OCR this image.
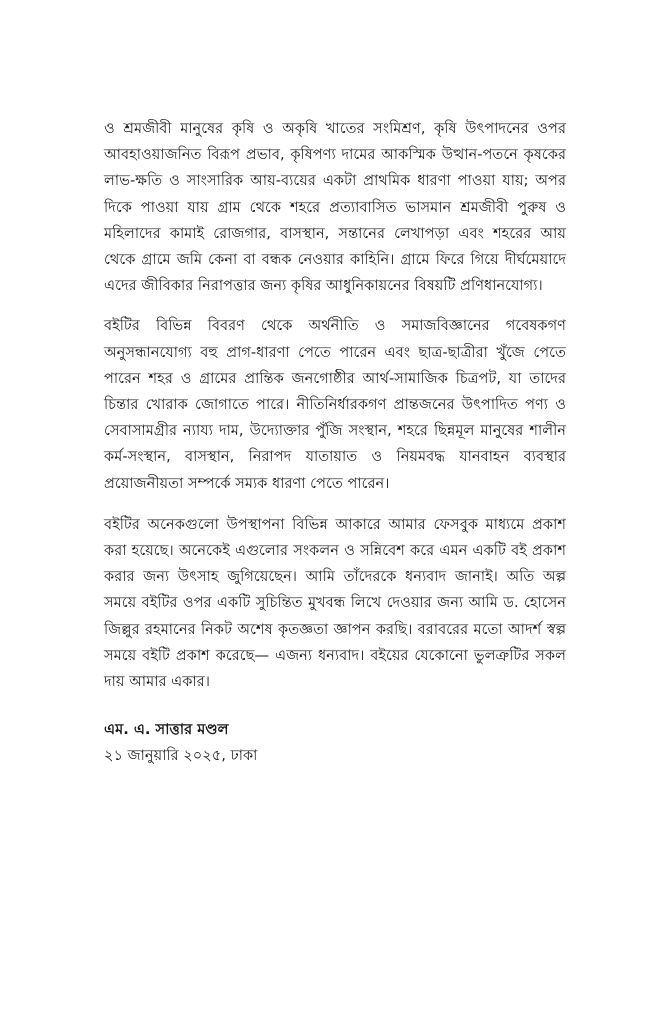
ও শ্রমজীবী মানুষের কৃষি ও অকৃষি খাতের সংমিশ্রণ, কৃষি উৎপাদনের ওপর আবহাওয়াজনিত বিরূপ প্রভাব, কৃষিপণ্য দামের আকস্মিক উত্থান-পতনে কৃষকের লাভ-ক্ষতি ও সাংসারিক আয়-ব্যয়ের একটা প্রাথমিক ধারণা পাওয়া যায়; অপর দিকে পাওয়া যায় গ্রাম থেকে শহরে প্রত্যাবাসিত ভাসমান শ্রমজীবী পুরুষ ও মহিলাদের কামাই রোজগার, বাসস্থান, সন্তানের লেখাপড়া এবং শহরের আয় থেকে গ্রামে জমি কেনা বা বন্ধক নেওয়ার কাহিনি। গ্রামে ফিরে গিয়ে দীর্ঘমেয়াদে এদের জীবিকার নিরাপত্তার জন্য কৃষির আধুনিকায়নের বিষয়টি প্রণিধানযোগ্য।

বইটির বিভিন্ন বিবরণ থেকে অর্থনীতি ও সমাজবিজ্ঞানের গবেষকগণ অনুসন্ধানযোগ্য বহু প্রাগ-ধারণা পেতে পারেন এবং ছাত্র-ছাত্রীরা খুঁজে পেতে পারেন শহর ও গ্রামের প্রান্তিক জনগোষ্ঠীর আর্থ-সামাজিক চিত্রপট, যা তাদের চিন্তার খোরাক জোগাতে পারে। নীতিনির্ধারকগণ প্রান্তজনের উৎপাদিত পণ্য ও সেবাসামগ্রীর ন্যায্য দাম, উদ্যোক্তার পুঁজি সংস্থান, শহরে ছিন্নমূল মানুষের শালীন কর্ম-সংস্থান, বাসস্থান, নিরাপদ যাতায়াত ও নিয়মবদ্ধ যানবাহন ব্যবস্থার প্রয়োজনীয়তা সম্পর্কে সম্যক ধারণা পেতে পারেন।

বইটির অনেকগুলো উপস্থাপনা বিভিন্ন আকারে আমার ফেসবুক মাধ্যমে প্রকাশ করা হয়েছে। অনেকেই এগুলোর সংকলন ও সন্নিবেশ করে এমন একটি বই প্রকাশ করার জন্য উৎসাহ জুগিয়েছেন। আমি তাঁদেরকে ধন্যবাদ জানাই। অতি অল্প সময়ে বইটির ওপর একটি সুচিন্তিত মুখবন্ধ লিখে দেওয়ার জন্য আমি ড. হোসেন জিল্লুর রহমানের নিকট অশেষ কৃতজ্ঞতা জ্ঞাপন করছি। বরাবরের মতো আদর্শ স্বল্প সময়ে বইটি প্রকাশ করেছে— এজন্য ধন্যবাদ। বইয়ের যেকোনো ভুলত্রুটির সকল দায় আমার একার।

এম. এ. সাত্তার মণ্ডল

২১ জানুয়ারি ২০২৫, ঢাকা
